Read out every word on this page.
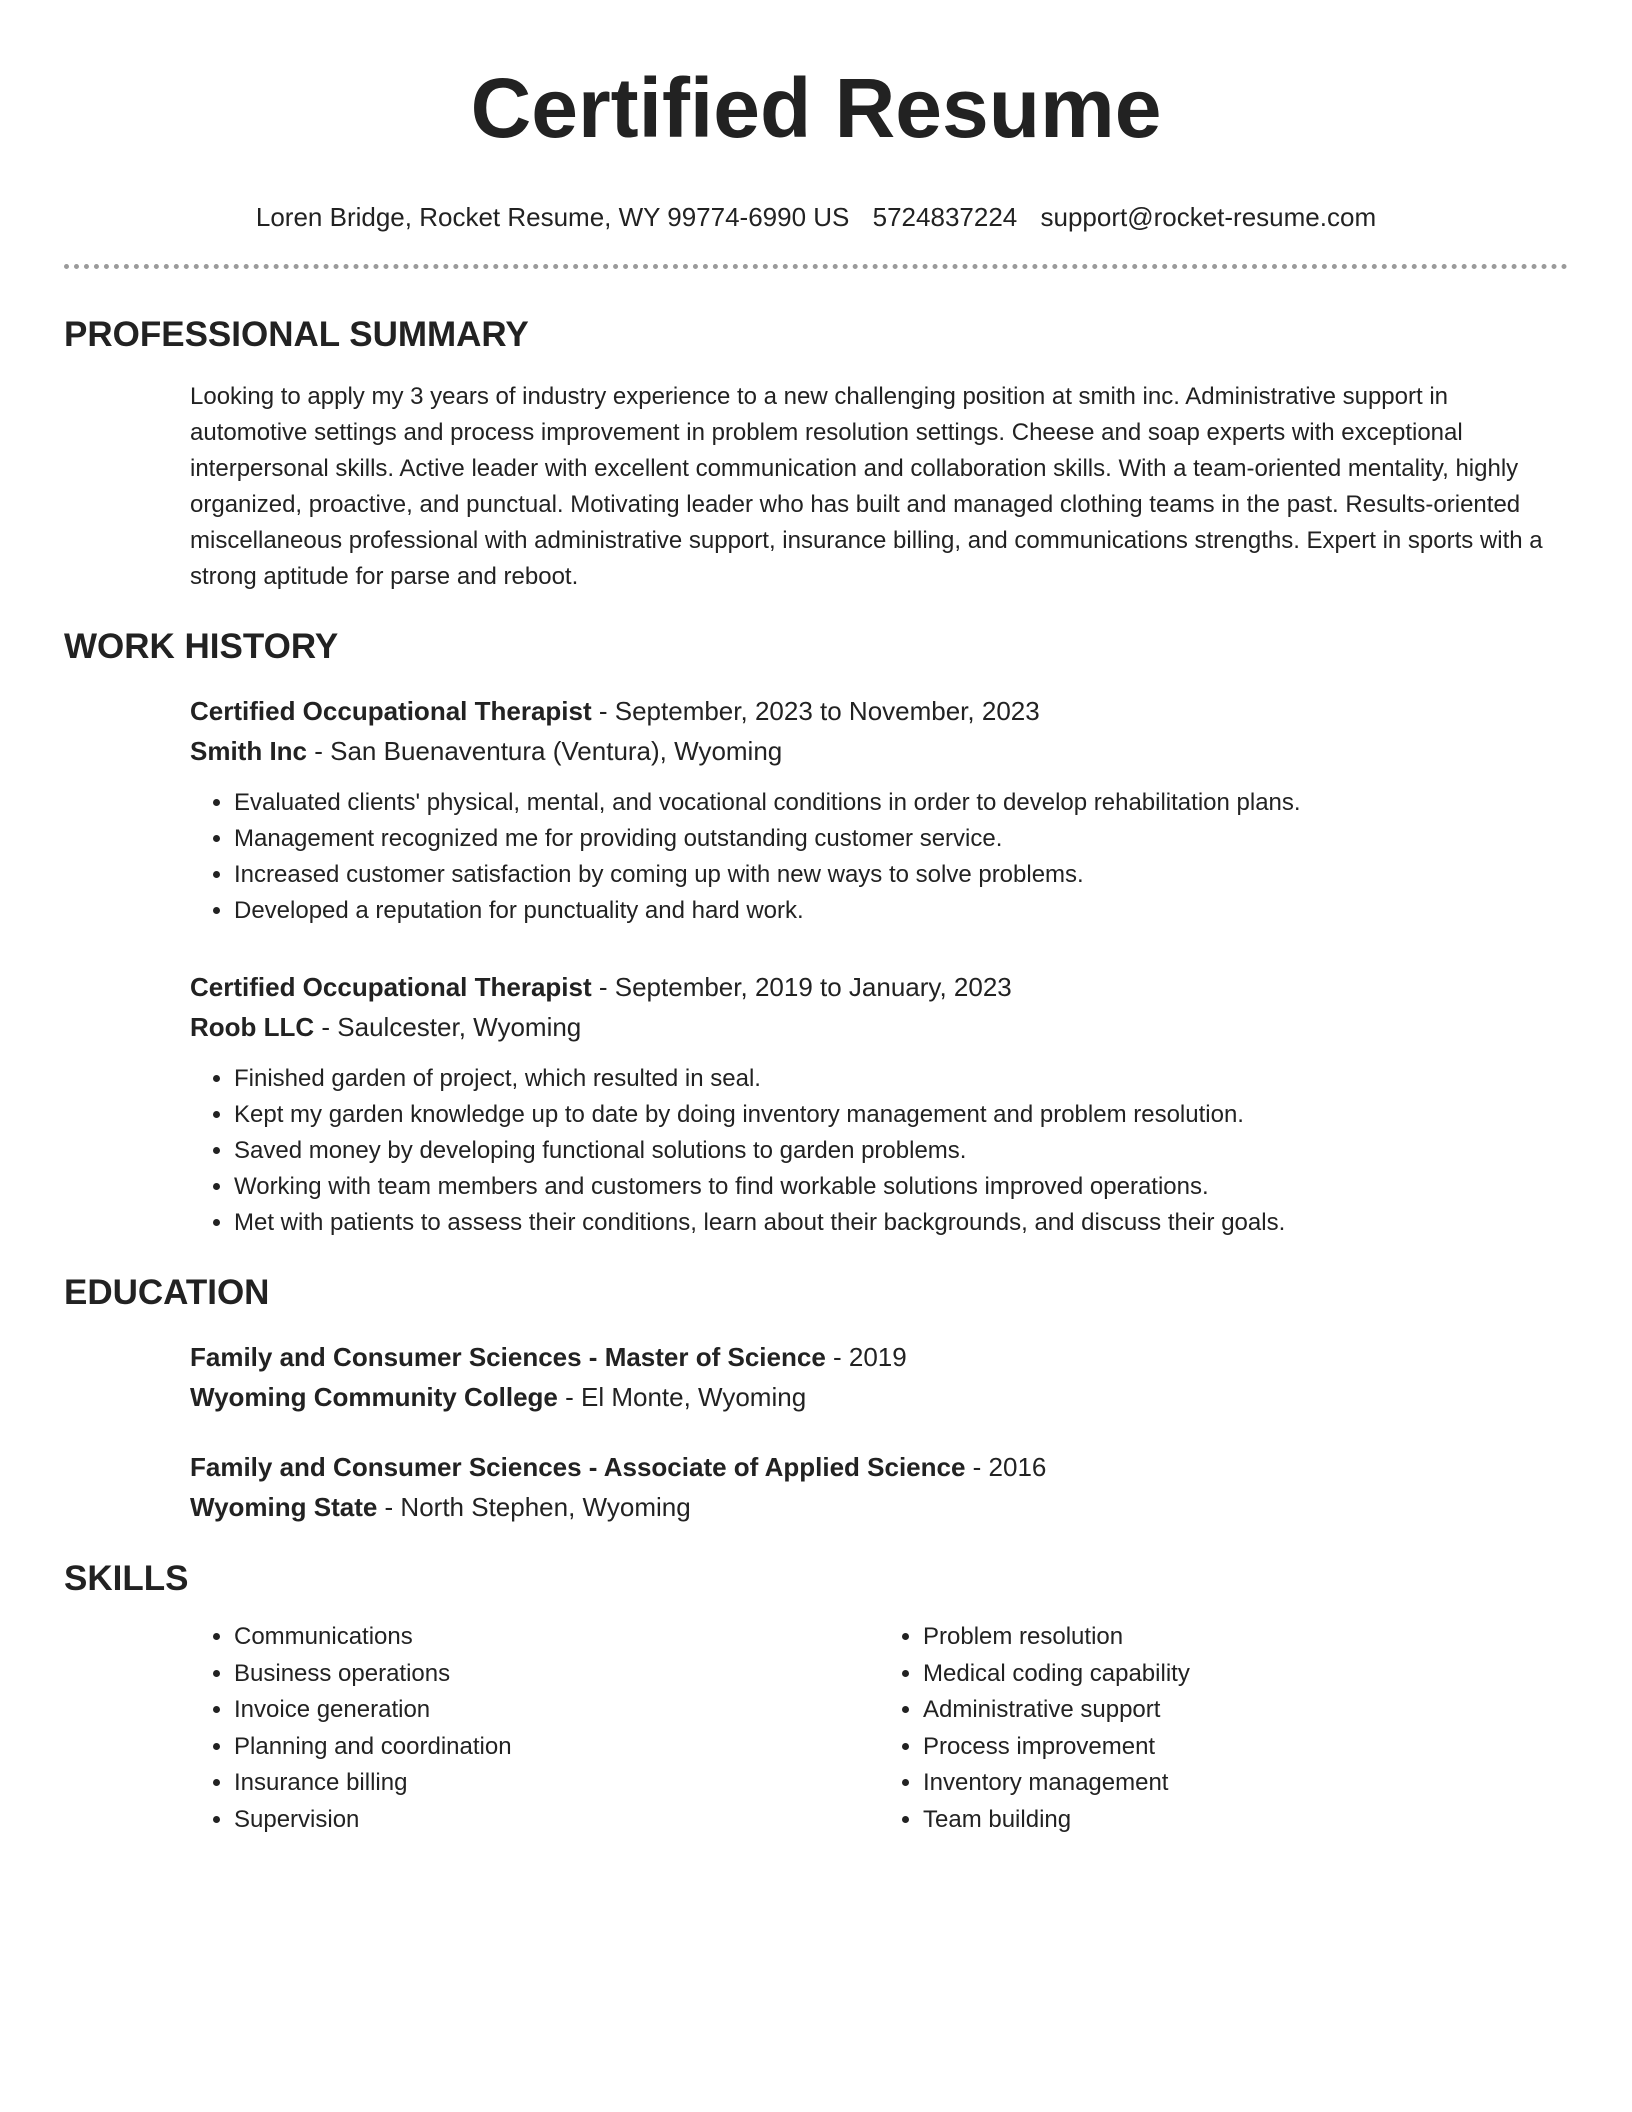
Certified Resume
Loren Bridge, Rocket Resume, WY 99774-6990 US 5724837224 support@rocket-resume.com
PROFESSIONAL SUMMARY

Looking to apply my 3 years of industry experience to a new challenging position at smith inc. Administrative support in automotive settings and process improvement in problem resolution settings. Cheese and soap experts with exceptional interpersonal skills. Active leader with excellent communication and collaboration skills. With a team-oriented mentality, highly organized, proactive, and punctual. Motivating leader who has built and managed clothing teams in the past. Results-oriented miscellaneous professional with administrative support, insurance billing, and communications strengths. Expert in sports with a strong aptitude for parse and reboot.

WORK HISTORY
Certified Occupational Therapist - September, 2023 to November, 2023
Smith Inc - San Buenaventura (Ventura), Wyoming
• Evaluated clients' physical, mental, and vocational conditions in order to develop rehabilitation plans.
• Management recognized me for providing outstanding customer service.
• Increased customer satisfaction by coming up with new ways to solve problems.
• Developed a reputation for punctuality and hard work.
Certified Occupational Therapist - September, 2019 to January, 2023
Roob LLC - Saulcester, Wyoming
• Finished garden of project, which resulted in seal.
• Kept my garden knowledge up to date by doing inventory management and problem resolution.
• Saved money by developing functional solutions to garden problems.
• Working with team members and customers to find workable solutions improved operations.
• Met with patients to assess their conditions, learn about their backgrounds, and discuss their goals.
EDUCATION
Family and Consumer Sciences - Master of Science - 2019
Wyoming Community College - El Monte, Wyoming
Family and Consumer Sciences - Associate of Applied Science - 2016
Wyoming State - North Stephen, Wyoming
SKILLS
• Communications
• Business operations
• Invoice generation
• Planning and coordination
• Insurance billing
• Supervision
• Problem resolution
• Medical coding capability
• Administrative support
• Process improvement
• Inventory management
• Team building
